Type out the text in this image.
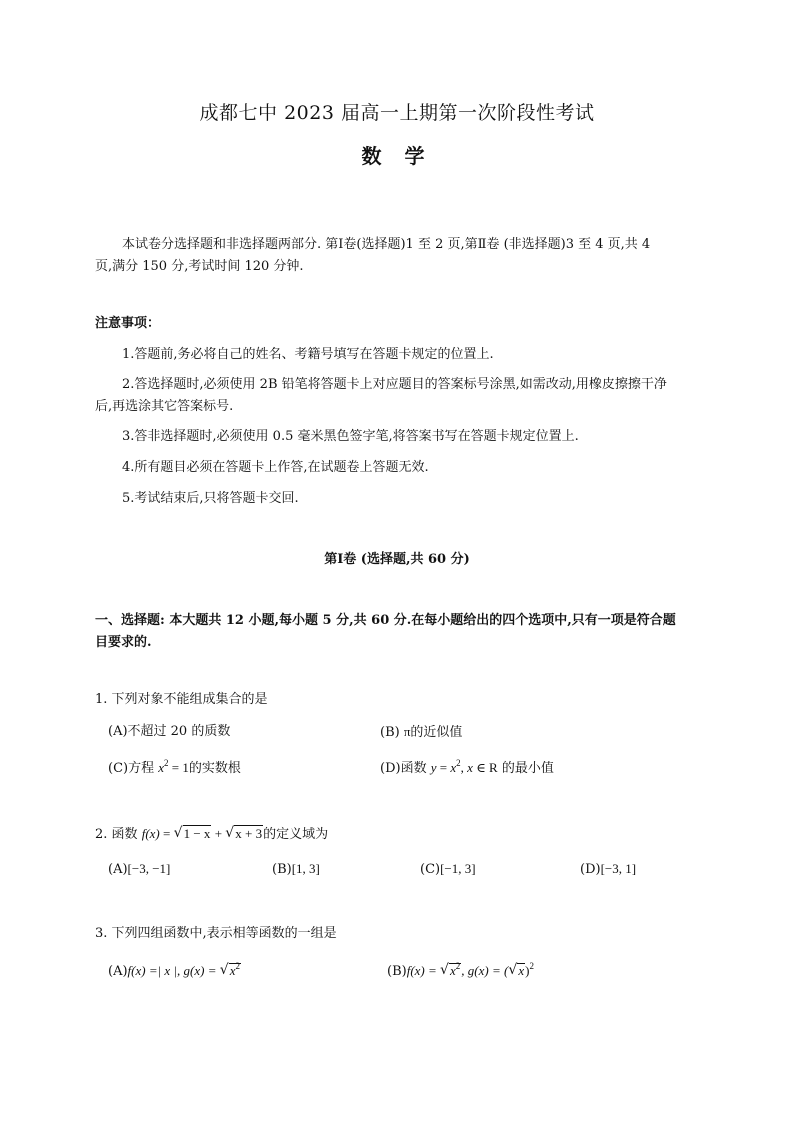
成都七中 2023 届高一上期第一次阶段性考试
数 学
本试卷分选择题和非选择题两部分. 第Ⅰ卷(选择题)1 至 2 页,第Ⅱ卷 (非选择题)3 至 4 页,共 4
页,满分 150 分,考试时间 120 分钟.
注意事项：
1.答题前,务必将自己的姓名、考籍号填写在答题卡规定的位置上.
2.答选择题时,必须使用 2B 铅笔将答题卡上对应题目的答案标号涂黑,如需改动,用橡皮擦擦干净
后,再选涂其它答案标号.
3.答非选择题时,必须使用 0.5 毫米黑色签字笔,将答案书写在答题卡规定位置上.
4.所有题目必须在答题卡上作答,在试题卷上答题无效.
5.考试结束后,只将答题卡交回.
第Ⅰ卷 (选择题,共 60 分)
一、选择题: 本大题共 12 小题,每小题 5 分,共 60 分.在每小题给出的四个选项中,只有一项是符合题
目要求的.
1. 下列对象不能组成集合的是
(A)不超过 20 的质数	(B) π的近似值
(C)方程 $x^2 = 1$的实数根	(D)函数 $y = x^2$, x ∈ R 的最小值
2. 函数 f(x) = √ 1 − x + √ x + 3的定义域为
(A)[−3, −1]	(B)[1, 3]	(C)[−1, 3]	(D)[−3, 1]
3. 下列四组函数中,表示相等函数的一组是
(A)f(x) =| x |, g(x) = √ $x^2$	(B)f(x) = √ $x^2$, g(x) = ( √ x)$^2$
